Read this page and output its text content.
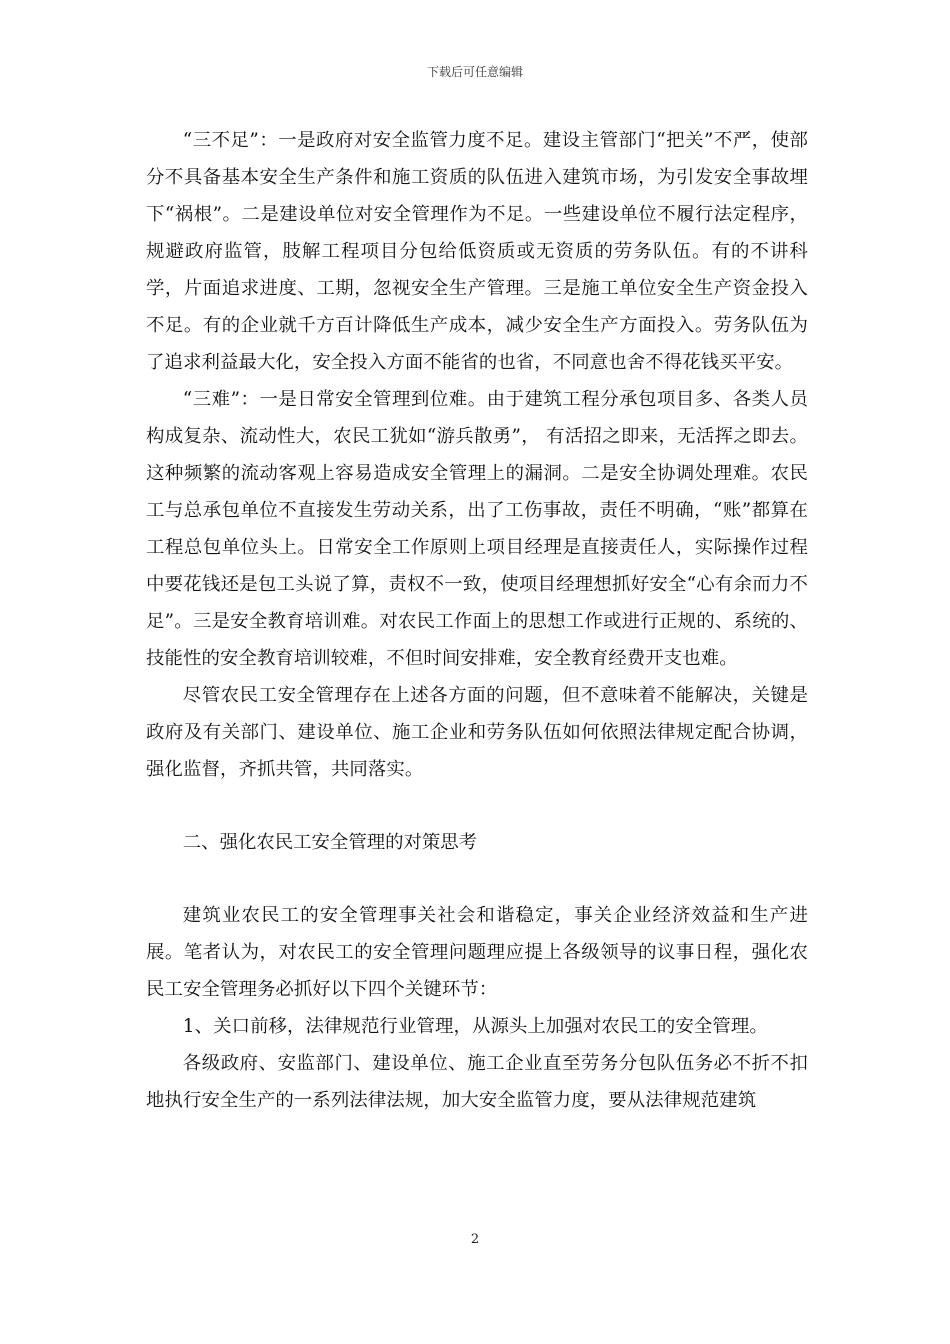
下载后可任意编辑

“三不足”：一是政府对安全监管力度不足。建设主管部门“把关”不严，使部分不具备基本安全生产条件和施工资质的队伍进入建筑市场，为引发安全事故埋下“祸根”。二是建设单位对安全管理作为不足。一些建设单位不履行法定程序，规避政府监管，肢解工程项目分包给低资质或无资质的劳务队伍。有的不讲科学，片面追求进度、工期，忽视安全生产管理。三是施工单位安全生产资金投入不足。有的企业就千方百计降低生产成本，减少安全生产方面投入。劳务队伍为了追求利益最大化，安全投入方面不能省的也省，不同意也舍不得花钱买平安。

“三难”：一是日常安全管理到位难。由于建筑工程分承包项目多、各类人员构成复杂、流动性大，农民工犹如“游兵散勇”， 有活招之即来，无活挥之即去。这种频繁的流动客观上容易造成安全管理上的漏洞。二是安全协调处理难。农民工与总承包单位不直接发生劳动关系，出了工伤事故，责任不明确，“账”都算在工程总包单位头上。日常安全工作原则上项目经理是直接责任人，实际操作过程中要花钱还是包工头说了算，责权不一致，使项目经理想抓好安全“心有余而力不足”。三是安全教育培训难。对农民工作面上的思想工作或进行正规的、系统的、技能性的安全教育培训较难，不但时间安排难，安全教育经费开支也难。

尽管农民工安全管理存在上述各方面的问题，但不意味着不能解决，关键是政府及有关部门、建设单位、施工企业和劳务队伍如何依照法律规定配合协调，强化监督，齐抓共管，共同落实。

二、强化农民工安全管理的对策思考

建筑业农民工的安全管理事关社会和谐稳定，事关企业经济效益和生产进展。笔者认为，对农民工的安全管理问题理应提上各级领导的议事日程，强化农民工安全管理务必抓好以下四个关键环节：

1、关口前移，法律规范行业管理，从源头上加强对农民工的安全管理。

各级政府、安监部门、建设单位、施工企业直至劳务分包队伍务必不折不扣地执行安全生产的一系列法律法规，加大安全监管力度，要从法律规范建筑

2
